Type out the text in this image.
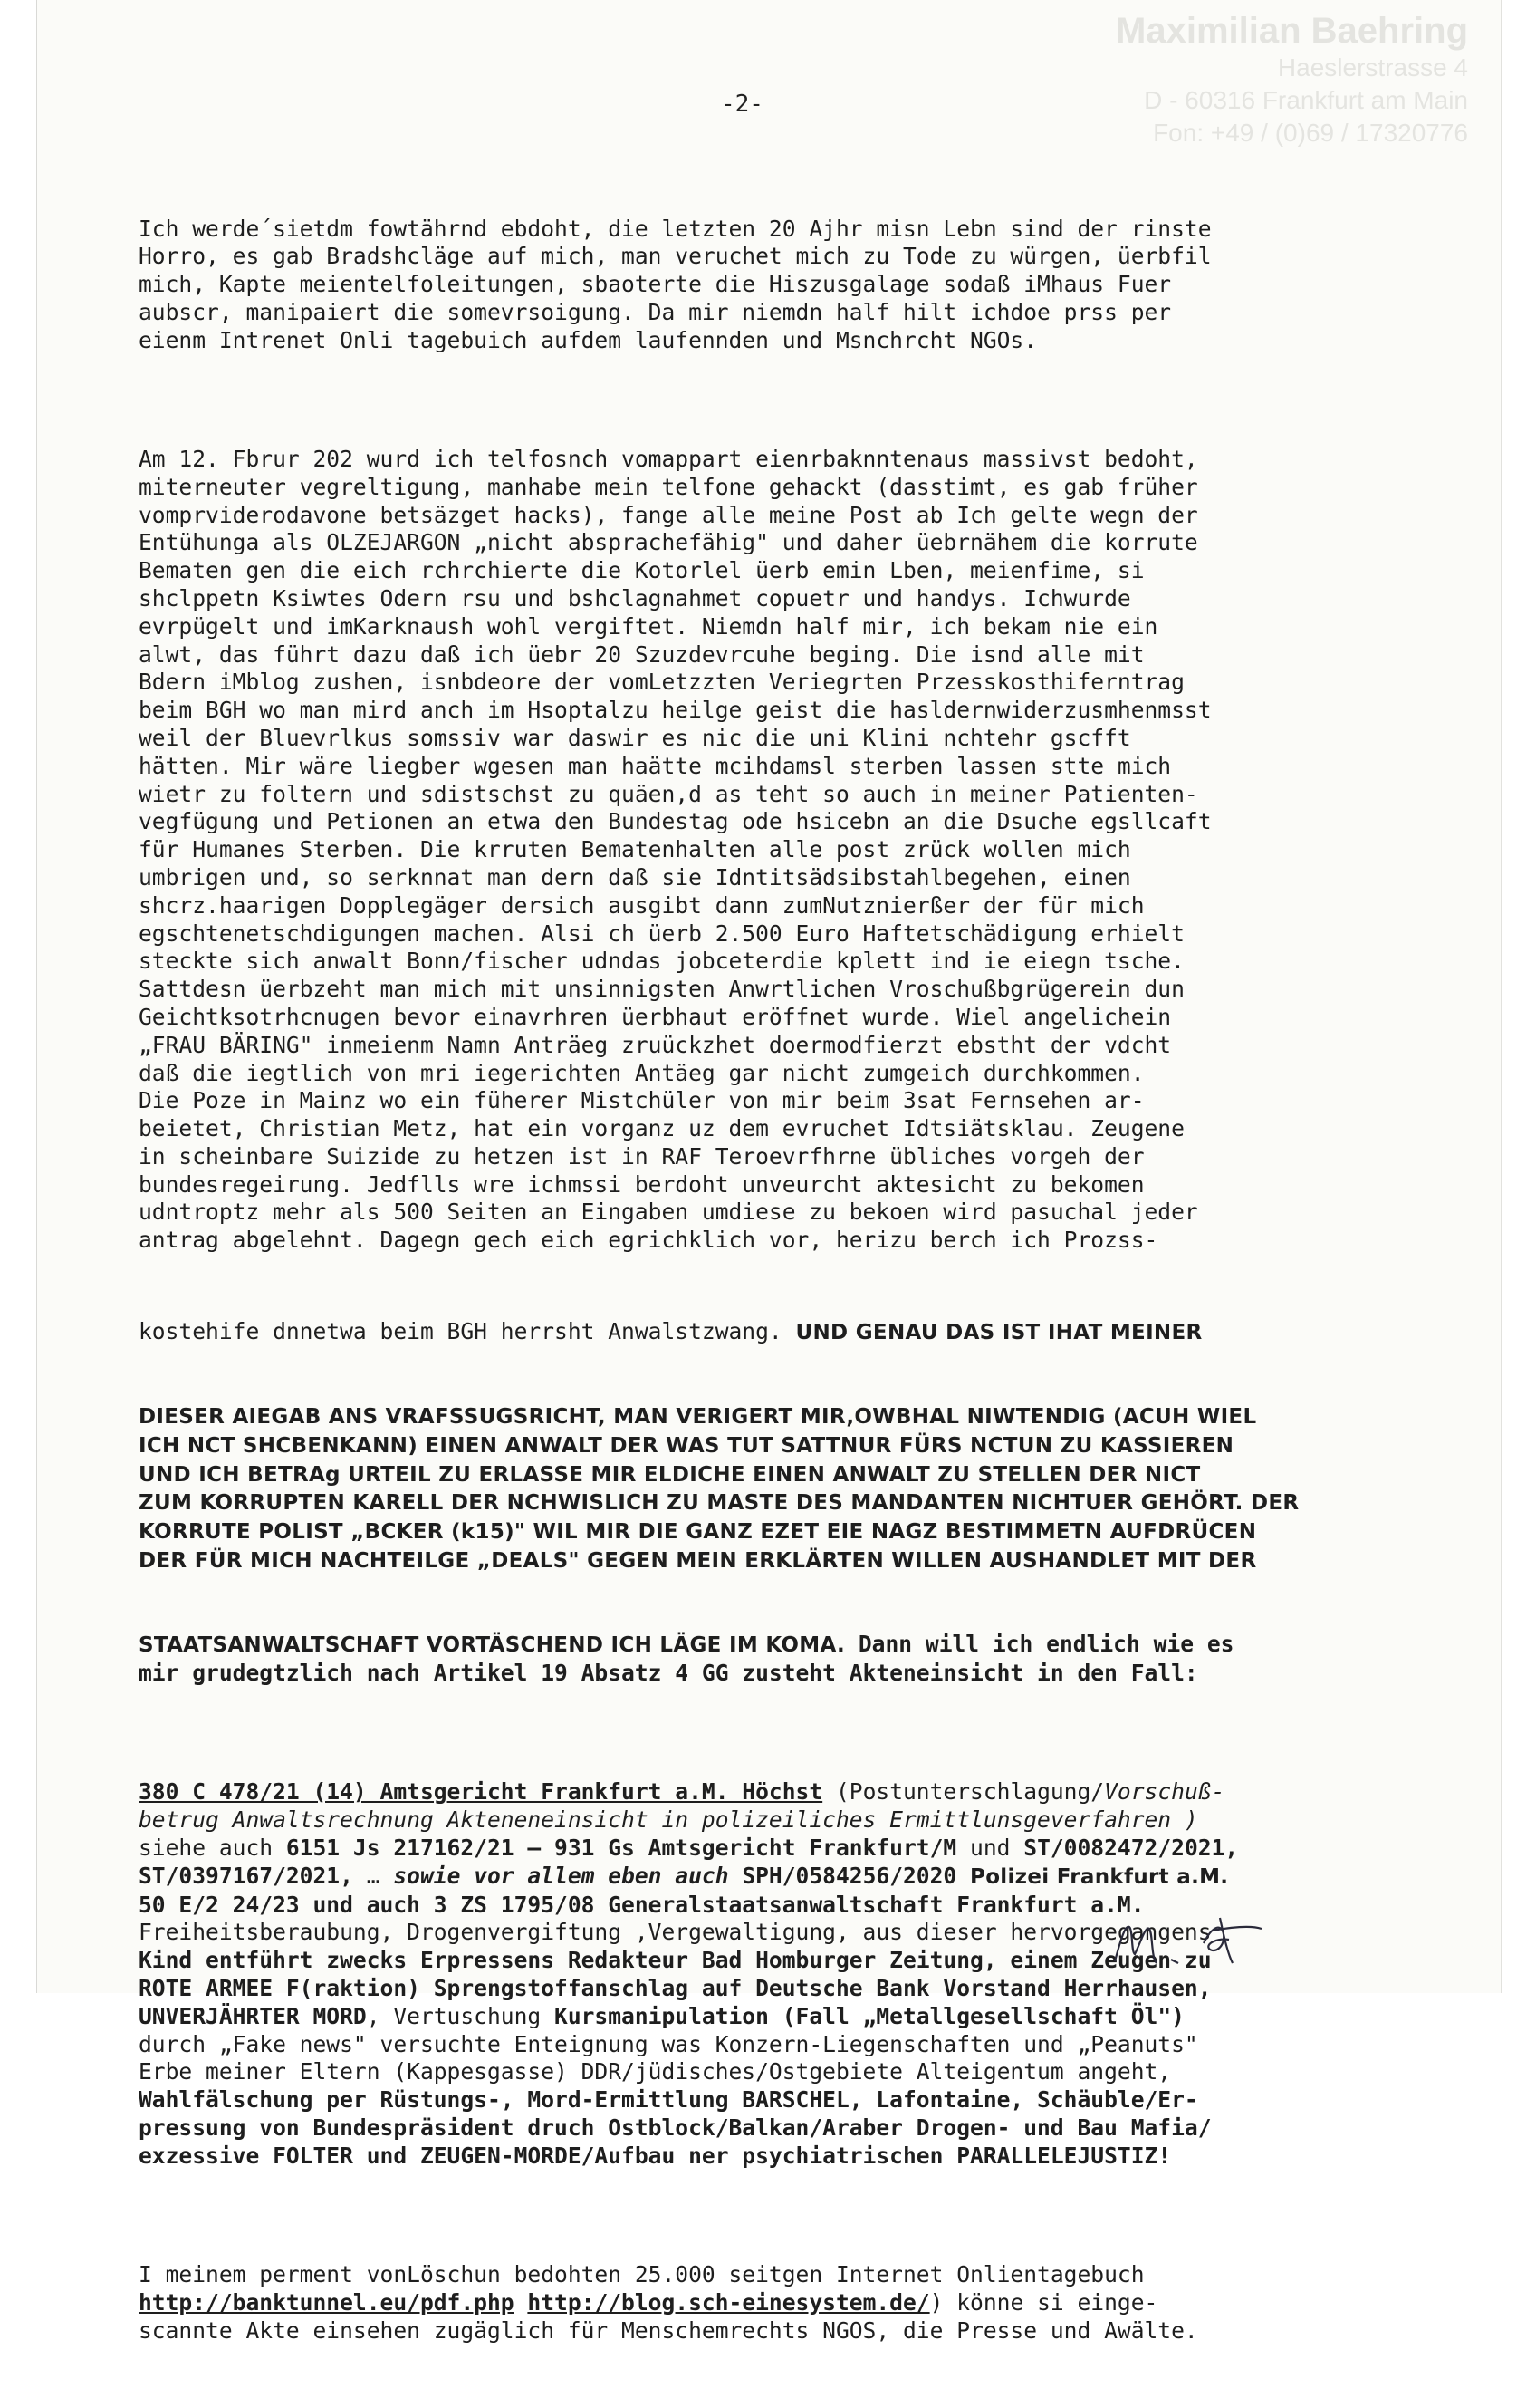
Maximilian Baehring
Haeslerstrasse 4
D - 60316 Frankfurt am Main
Fon: +49 / (0)69 / 17320776
-2-

Ich werde´sietdm fowtährnd ebdoht, die letzten 20 Ajhr misn Lebn sind der rinste
Horro, es gab Bradshcläge auf mich, man veruchet mich zu Tode zu würgen, üerbfil
mich, Kapte meientelfoleitungen, sbaoterte die Hiszusgalage sodaß iMhaus Fuer
aubscr, manipaiert die somevrsoigung. Da mir niemdn half hilt ichdoe prss per
eienm Intrenet Onli tagebuich aufdem laufennden und Msnchrcht NGOs.

Am 12. Fbrur 202 wurd ich telfosnch vomappart eienrbaknntenaus massivst bedoht,
miterneuter vegreltigung, manhabe mein telfone gehackt (dasstimt, es gab früher
vomprviderodavone betsäzget hacks), fange alle meine Post ab Ich gelte wegn der
Entühunga als OLZEJARGON „nicht absprachefähig" und daher üebrnähem die korrute
Bematen gen die eich rchrchierte die Kotorlel üerb emin Lben, meienfime, si
shclppetn Ksiwtes Odern rsu und bshclagnahmet copuetr und handys. Ichwurde
evrpügelt und imKarknaush wohl vergiftet. Niemdn half mir, ich bekam nie ein
alwt, das führt dazu daß ich üebr 20 Szuzdevrcuhe beging. Die isnd alle mit
Bdern iMblog zushen, isnbdeore der vomLetzzten Veriegrten Przesskosthiferntrag
beim BGH wo man mird anch im Hsoptalzu heilge geist die hasldernwiderzusmhenmsst
weil der Bluevrlkus somssiv war daswir es nic die uni Klini nchtehr gscfft
hätten. Mir wäre liegber wgesen man haätte mcihdamsl sterben lassen stte mich
wietr zu foltern und sdistschst zu quäen,d as teht so auch in meiner Patienten-
vegfügung und Petionen an etwa den Bundestag ode hsicebn an die Dsuche egsllcaft
für Humanes Sterben. Die krruten Bematenhalten alle post zrück wollen mich
umbrigen und, so serknnat man dern daß sie Idntitsädsibstahlbegehen, einen
shcrz.haarigen Dopplegäger dersich ausgibt dann zumNutznierßer der für mich
egschtenetschdigungen machen. Alsi ch üerb 2.500 Euro Haftetschädigung erhielt
steckte sich anwalt Bonn/fischer udndas jobceterdie kplett ind ie eiegn tsche.
Sattdesn üerbzeht man mich mit unsinnigsten Anwrtlichen Vroschußbgrügerein dun
Geichtksotrhcnugen bevor einavrhren üerbhaut eröffnet wurde. Wiel angelichein
„FRAU BÄRING" inmeienm Namn Anträeg zruückzhet doermodfierzt ebstht der vdcht
daß die iegtlich von mri iegerichten Antäeg gar nicht zumgeich durchkommen.
Die Poze in Mainz wo ein füherer Mistchüler von mir beim 3sat Fernsehen ar-
beietet, Christian Metz, hat ein vorganz uz dem evruchet Idtsiätsklau. Zeugene
in scheinbare Suizide zu hetzen ist in RAF Teroevrfhrne übliches vorgeh der
bundesregeirung. Jedflls wre ichmssi berdoht unveurcht aktesicht zu bekomen
udntroptz mehr als 500 Seiten an Eingaben umdiese zu bekoen wird pasuchal jeder
antrag abgelehnt. Dagegn gech eich egrichklich vor, herizu berch ich Prozss-

kostehife dnnetwa beim BGH herrsht Anwalstzwang. UND GENAU DAS IST IHAT MEINER

DIESER AIEGAB ANS VRAFSSUGSRICHT, MAN VERIGERT MIR,OWBHAL NIWTENDIG (ACUH WIEL
ICH NCT SHCBENKANN) EINEN ANWALT DER WAS TUT SATTNUR FÜRS NCTUN ZU KASSIEREN
UND ICH BETRAg URTEIL ZU ERLASSE MIR ELDICHE EINEN ANWALT ZU STELLEN DER NICT
ZUM KORRUPTEN KARELL DER NCHWISLICH ZU MASTE DES MANDANTEN NICHTUER GEHÖRT. DER
KORRUTE POLIST „BCKER (k15)" WIL MIR DIE GANZ EZET EIE NAGZ BESTIMMETN AUFDRÜCEN
DER FÜR MICH NACHTEILGE „DEALS" GEGEN MEIN ERKLÄRTEN WILLEN AUSHANDLET MIT DER

STAATSANWALTSCHAFT VORTÄSCHEND ICH LÄGE IM KOMA. Dann will ich endlich wie es
mir grudegtzlich nach Artikel 19 Absatz 4 GG zusteht Akteneinsicht in den Fall:

380 C 478/21 (14) Amtsgericht Frankfurt a.M. Höchst (Postunterschlagung/Vorschuß-
betrug Anwaltsrechnung Akteneneinsicht in polizeiliches Ermittlunsgeverfahren )
siehe auch 6151 Js 217162/21 – 931 Gs Amtsgericht Frankfurt/M und ST/0082472/2021,
ST/0397167/2021, … sowie vor allem eben auch SPH/0584256/2020 Polizei Frankfurt a.M.
50 E/2 24/23 und auch 3 ZS 1795/08 Generalstaatsanwaltschaft Frankfurt a.M.
Freiheitsberaubung, Drogenvergiftung ,Vergewaltigung, aus dieser hervorgegangens
Kind entführt zwecks Erpressens Redakteur Bad Homburger Zeitung, einem Zeugen zu
ROTE ARMEE F(raktion) Sprengstoffanschlag auf Deutsche Bank Vorstand Herrhausen,
UNVERJÄHRTER MORD, Vertuschung Kursmanipulation (Fall „Metallgesellschaft Öl")
durch „Fake news" versuchte Enteignung was Konzern-Liegenschaften und „Peanuts"
Erbe meiner Eltern (Kappesgasse) DDR/jüdisches/Ostgebiete Alteigentum angeht,
Wahlfälschung per Rüstungs-, Mord-Ermittlung BARSCHEL, Lafontaine, Schäuble/Er-
pressung von Bundespräsident druch Ostblock/Balkan/Araber Drogen- und Bau Mafia/
exzessive FOLTER und ZEUGEN-MORDE/Aufbau ner psychiatrischen PARALLELEJUSTIZ!

I meinem perment vonLöschun bedohten 25.000 seitgen Internet Onlientagebuch
http://banktunnel.eu/pdf.php http://blog.sch-einesystem.de/) könne si einge-
scannte Akte einsehen zugäglich für Menschemrechts NGOS, die Presse und Awälte.
